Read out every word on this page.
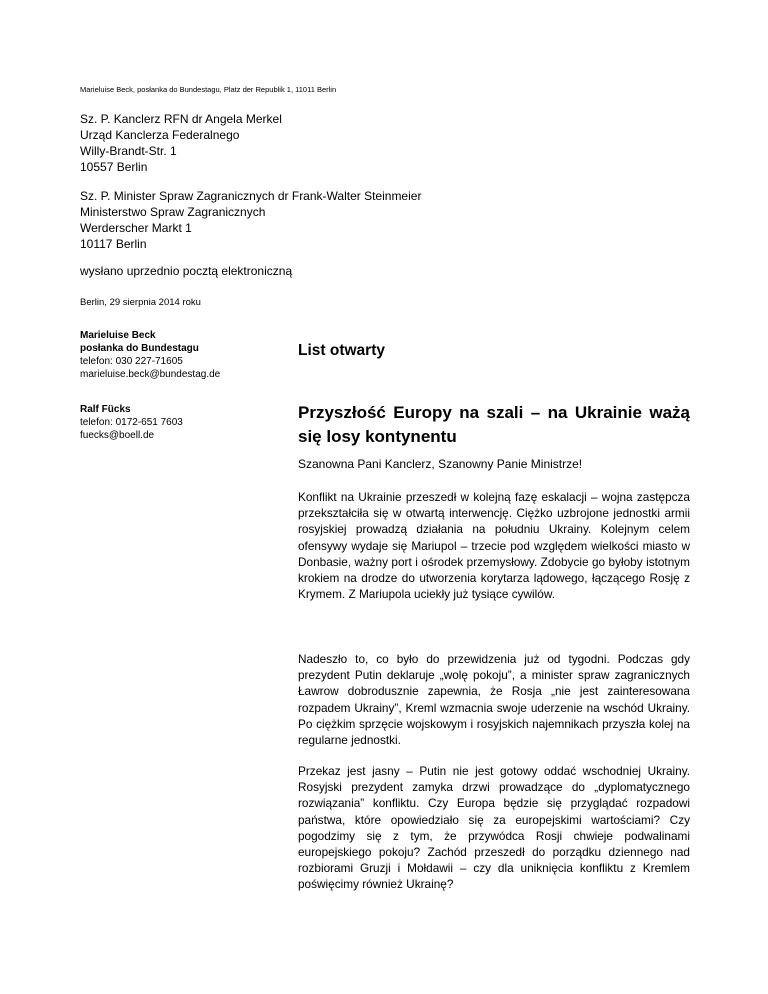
Marieluise Beck, posłanka do Bundestagu, Platz der Republik 1, 11011 Berlin
Sz. P. Kanclerz RFN dr Angela Merkel
Urząd Kanclerza Federalnego
Willy-Brandt-Str. 1
10557 Berlin
Sz. P. Minister Spraw Zagranicznych dr Frank-Walter Steinmeier
Ministerstwo Spraw Zagranicznych
Werderscher Markt 1
10117 Berlin
wysłano uprzednio pocztą elektroniczną
Berlin, 29 sierpnia 2014 roku
Marieluise Beck
posłanka do Bundestagu
telefon: 030 227-71605
marieluise.beck@bundestag.de
Ralf Fücks
telefon: 0172-651 7603
fuecks@boell.de
List otwarty

Przyszłość Europy na szali – na Ukrainie ważą się losy kontynentu

Szanowna Pani Kanclerz, Szanowny Panie Ministrze!

Konflikt na Ukrainie przeszedł w kolejną fazę eskalacji – wojna zastępcza przekształciła się w otwartą interwencję. Ciężko uzbrojone jednostki armii rosyjskiej prowadzą działania na południu Ukrainy. Kolejnym celem ofensywy wydaje się Mariupol – trzecie pod względem wielkości miasto w Donbasie, ważny port i ośrodek przemysłowy. Zdobycie go byłoby istotnym krokiem na drodze do utworzenia korytarza lądowego, łączącego Rosję z Krymem. Z Mariupola uciekły już tysiące cywilów.

Nadeszło to, co było do przewidzenia już od tygodni. Podczas gdy prezydent Putin deklaruje „wolę pokoju”, a minister spraw zagranicznych Ławrow dobrodusznie zapewnia, że Rosja „nie jest zainteresowana rozpadem Ukrainy”, Kreml wzmacnia swoje uderzenie na wschód Ukrainy. Po ciężkim sprzęcie wojskowym i rosyjskich najemnikach przyszła kolej na regularne jednostki.

Przekaz jest jasny – Putin nie jest gotowy oddać wschodniej Ukrainy. Rosyjski prezydent zamyka drzwi prowadzące do „dyplomatycznego rozwiązania” konfliktu. Czy Europa będzie się przyglądać rozpadowi państwa, które opowiedziało się za europejskimi wartościami? Czy pogodzimy się z tym, że przywódca Rosji chwieje podwalinami europejskiego pokoju? Zachód przeszedł do porządku dziennego nad rozbiorami Gruzji i Mołdawii – czy dla uniknięcia konfliktu z Kremlem poświęcimy również Ukrainę?
